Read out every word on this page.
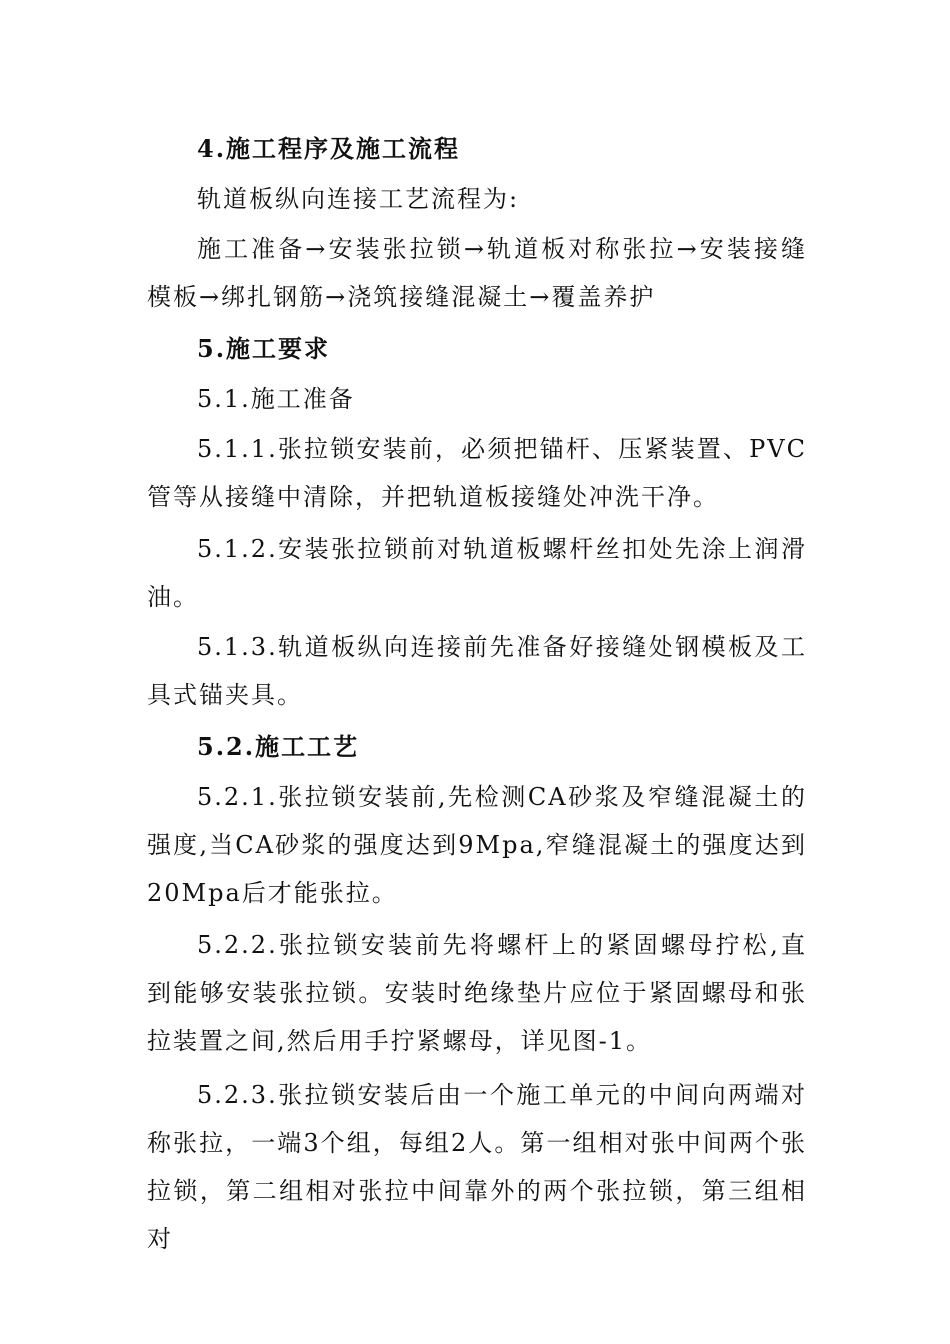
4.施工程序及施工流程

轨道板纵向连接工艺流程为:

施工准备→安装张拉锁→轨道板对称张拉→安装接缝模板→绑扎钢筋→浇筑接缝混凝土→覆盖养护

5.施工要求

5.1.施工准备

5.1.1.张拉锁安装前，必须把锚杆、压紧装置、PVC管等从接缝中清除，并把轨道板接缝处冲洗干净。

5.1.2.安装张拉锁前对轨道板螺杆丝扣处先涂上润滑油。

5.1.3.轨道板纵向连接前先准备好接缝处钢模板及工具式锚夹具。

5.2.施工工艺

5.2.1.张拉锁安装前,先检测CA砂浆及窄缝混凝土的强度,当CA砂浆的强度达到9Mpa,窄缝混凝土的强度达到20Mpa后才能张拉。

5.2.2.张拉锁安装前先将螺杆上的紧固螺母拧松,直到能够安装张拉锁。安装时绝缘垫片应位于紧固螺母和张拉装置之间,然后用手拧紧螺母，详见图-1。

5.2.3.张拉锁安装后由一个施工单元的中间向两端对称张拉，一端3个组，每组2人。第一组相对张中间两个张拉锁，第二组相对张拉中间靠外的两个张拉锁，第三组相对
